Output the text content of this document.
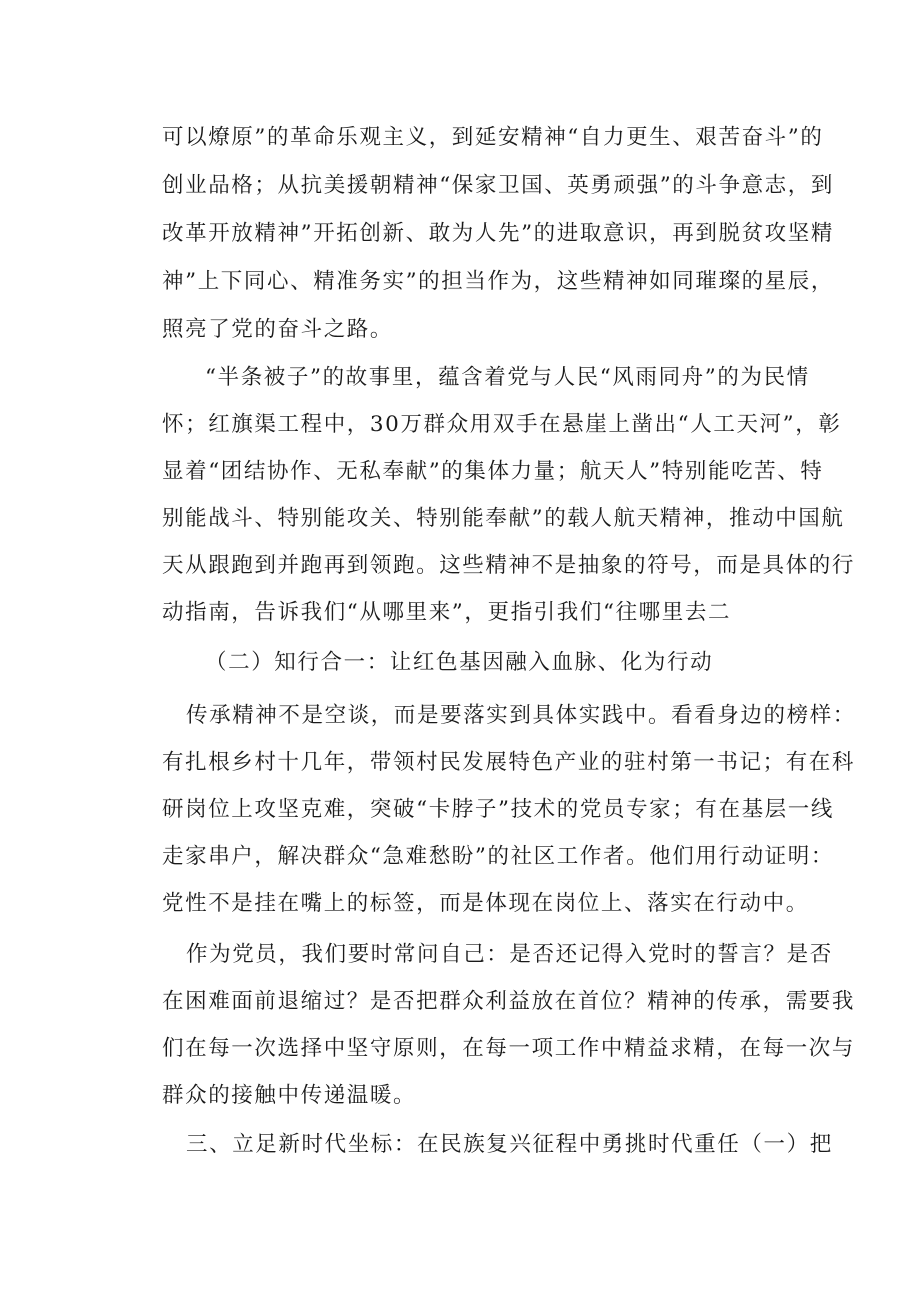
可以燎原”的革命乐观主义，到延安精神“自力更生、艰苦奋斗”的
创业品格；从抗美援朝精神“保家卫国、英勇顽强”的斗争意志，到
改革开放精神”开拓创新、敢为人先”的进取意识，再到脱贫攻坚精
神”上下同心、精准务实”的担当作为，这些精神如同璀璨的星辰，
照亮了党的奋斗之路。
“半条被子”的故事里，蕴含着党与人民“风雨同舟”的为民情
怀；红旗渠工程中，30万群众用双手在悬崖上凿出“人工天河”，彰
显着“团结协作、无私奉献”的集体力量；航天人”特别能吃苦、特
别能战斗、特别能攻关、特别能奉献”的载人航天精神，推动中国航
天从跟跑到并跑再到领跑。这些精神不是抽象的符号，而是具体的行
动指南，告诉我们“从哪里来”，更指引我们“往哪里去二
（二）知行合一：让红色基因融入血脉、化为行动
传承精神不是空谈，而是要落实到具体实践中。看看身边的榜样：
有扎根乡村十几年，带领村民发展特色产业的驻村第一书记；有在科
研岗位上攻坚克难，突破“卡脖子”技术的党员专家；有在基层一线
走家串户，解决群众“急难愁盼”的社区工作者。他们用行动证明：
党性不是挂在嘴上的标签，而是体现在岗位上、落实在行动中。
作为党员，我们要时常问自己：是否还记得入党时的誓言？是否
在困难面前退缩过？是否把群众利益放在首位？精神的传承，需要我
们在每一次选择中坚守原则，在每一项工作中精益求精，在每一次与
群众的接触中传递温暖。
三、立足新时代坐标：在民族复兴征程中勇挑时代重任（一）把
